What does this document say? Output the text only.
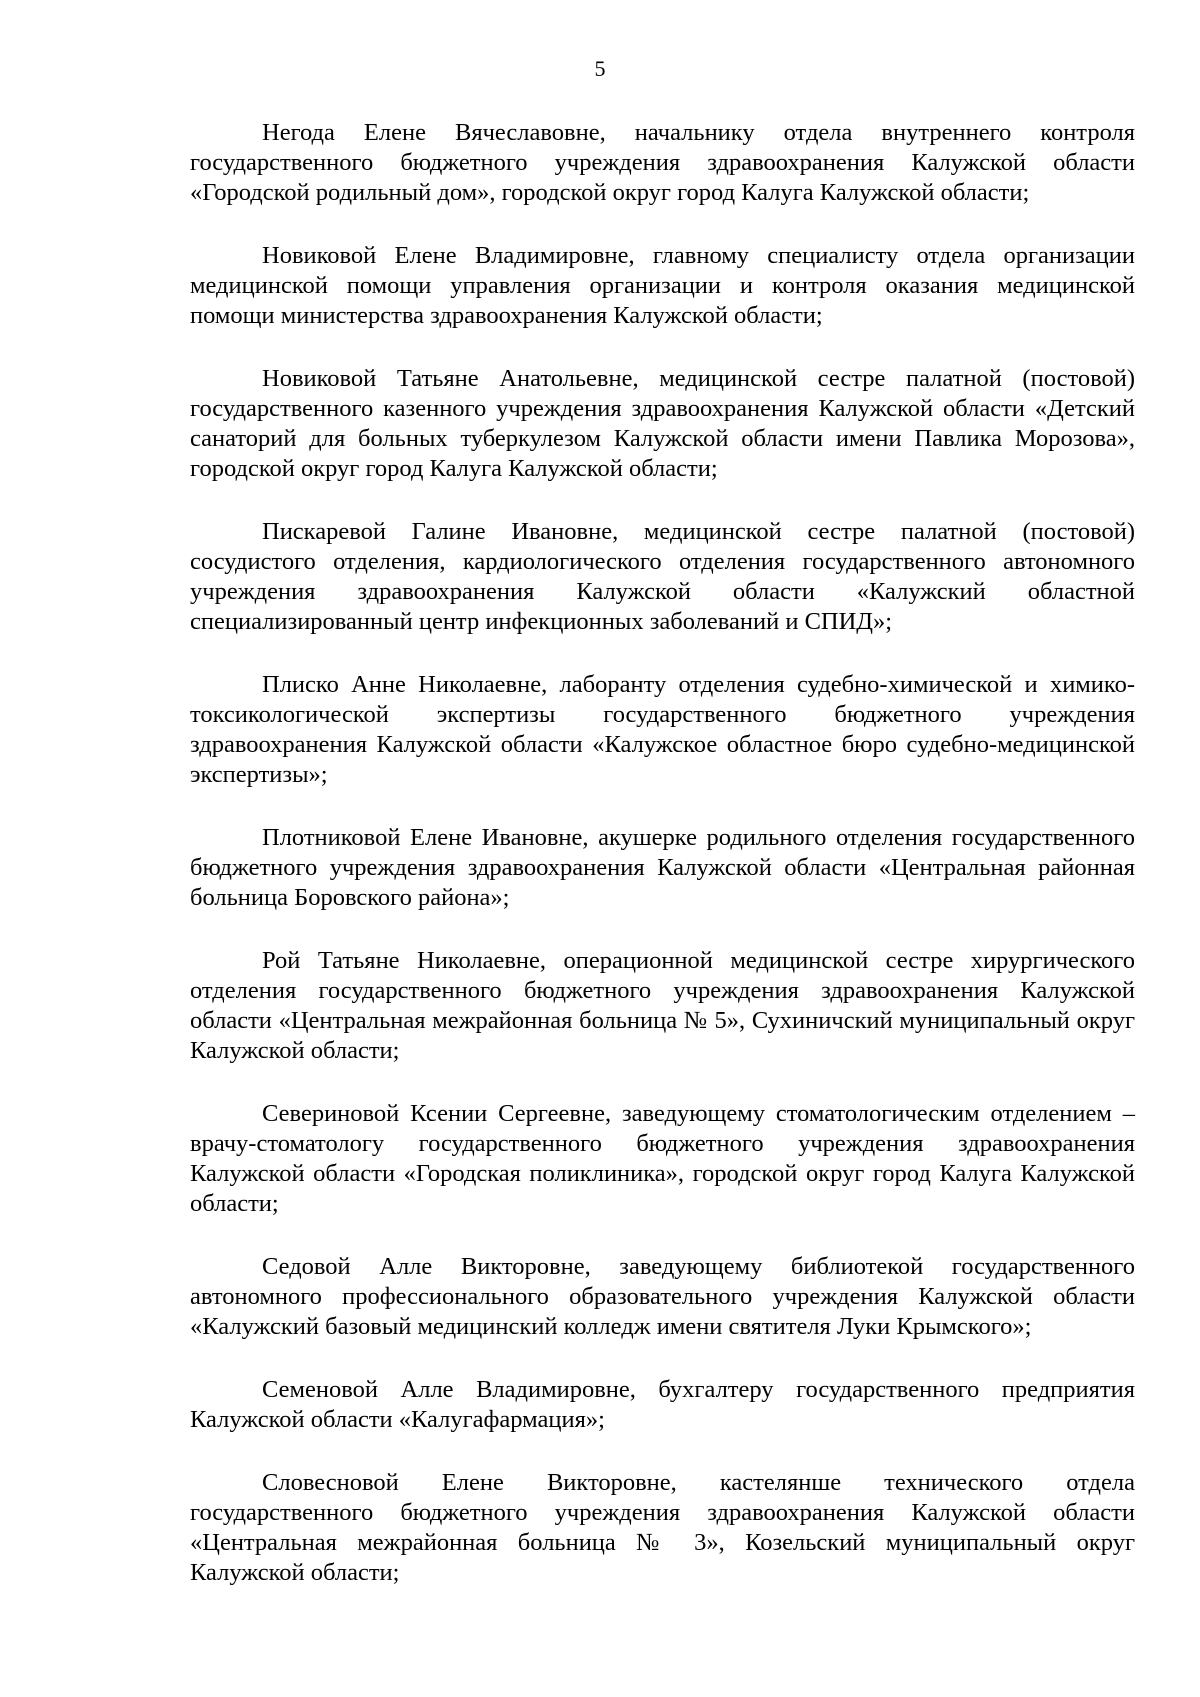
5

Негода Елене Вячеславовне, начальнику отдела внутреннего контроля государственного бюджетного учреждения здравоохранения Калужской области «Городской родильный дом», городской округ город Калуга Калужской области;

Новиковой Елене Владимировне, главному специалисту отдела организации медицинской помощи управления организации и контроля оказания медицинской помощи министерства здравоохранения Калужской области;

Новиковой Татьяне Анатольевне, медицинской сестре палатной (постовой) государственного казенного учреждения здравоохранения Калужской области «Детский санаторий для больных туберкулезом Калужской области имени Павлика Морозова», городской округ город Калуга Калужской области;

Пискаревой Галине Ивановне, медицинской сестре палатной (постовой) сосудистого отделения, кардиологического отделения государственного автономного учреждения здравоохранения Калужской области «Калужский областной специализированный центр инфекционных заболеваний и СПИД»;

Плиско Анне Николаевне, лаборанту отделения судебно-химической и химико-токсикологической экспертизы государственного бюджетного учреждения здравоохранения Калужской области «Калужское областное бюро судебно-медицинской экспертизы»;

Плотниковой Елене Ивановне, акушерке родильного отделения государственного бюджетного учреждения здравоохранения Калужской области «Центральная районная больница Боровского района»;

Рой Татьяне Николаевне, операционной медицинской сестре хирургического отделения государственного бюджетного учреждения здравоохранения Калужской области «Центральная межрайонная больница № 5», Сухиничский муниципальный округ Калужской области;

Севериновой Ксении Сергеевне, заведующему стоматологическим отделением – врачу-стоматологу государственного бюджетного учреждения здравоохранения Калужской области «Городская поликлиника», городской округ город Калуга Калужской области;

Седовой Алле Викторовне, заведующему библиотекой государственного автономного профессионального образовательного учреждения Калужской области «Калужский базовый медицинский колледж имени святителя Луки Крымского»;

Семеновой Алле Владимировне, бухгалтеру государственного предприятия Калужской области «Калугафармация»;

Словесновой Елене Викторовне, кастелянше технического отдела государственного бюджетного учреждения здравоохранения Калужской области «Центральная межрайонная больница № 3», Козельский муниципальный округ Калужской области;
